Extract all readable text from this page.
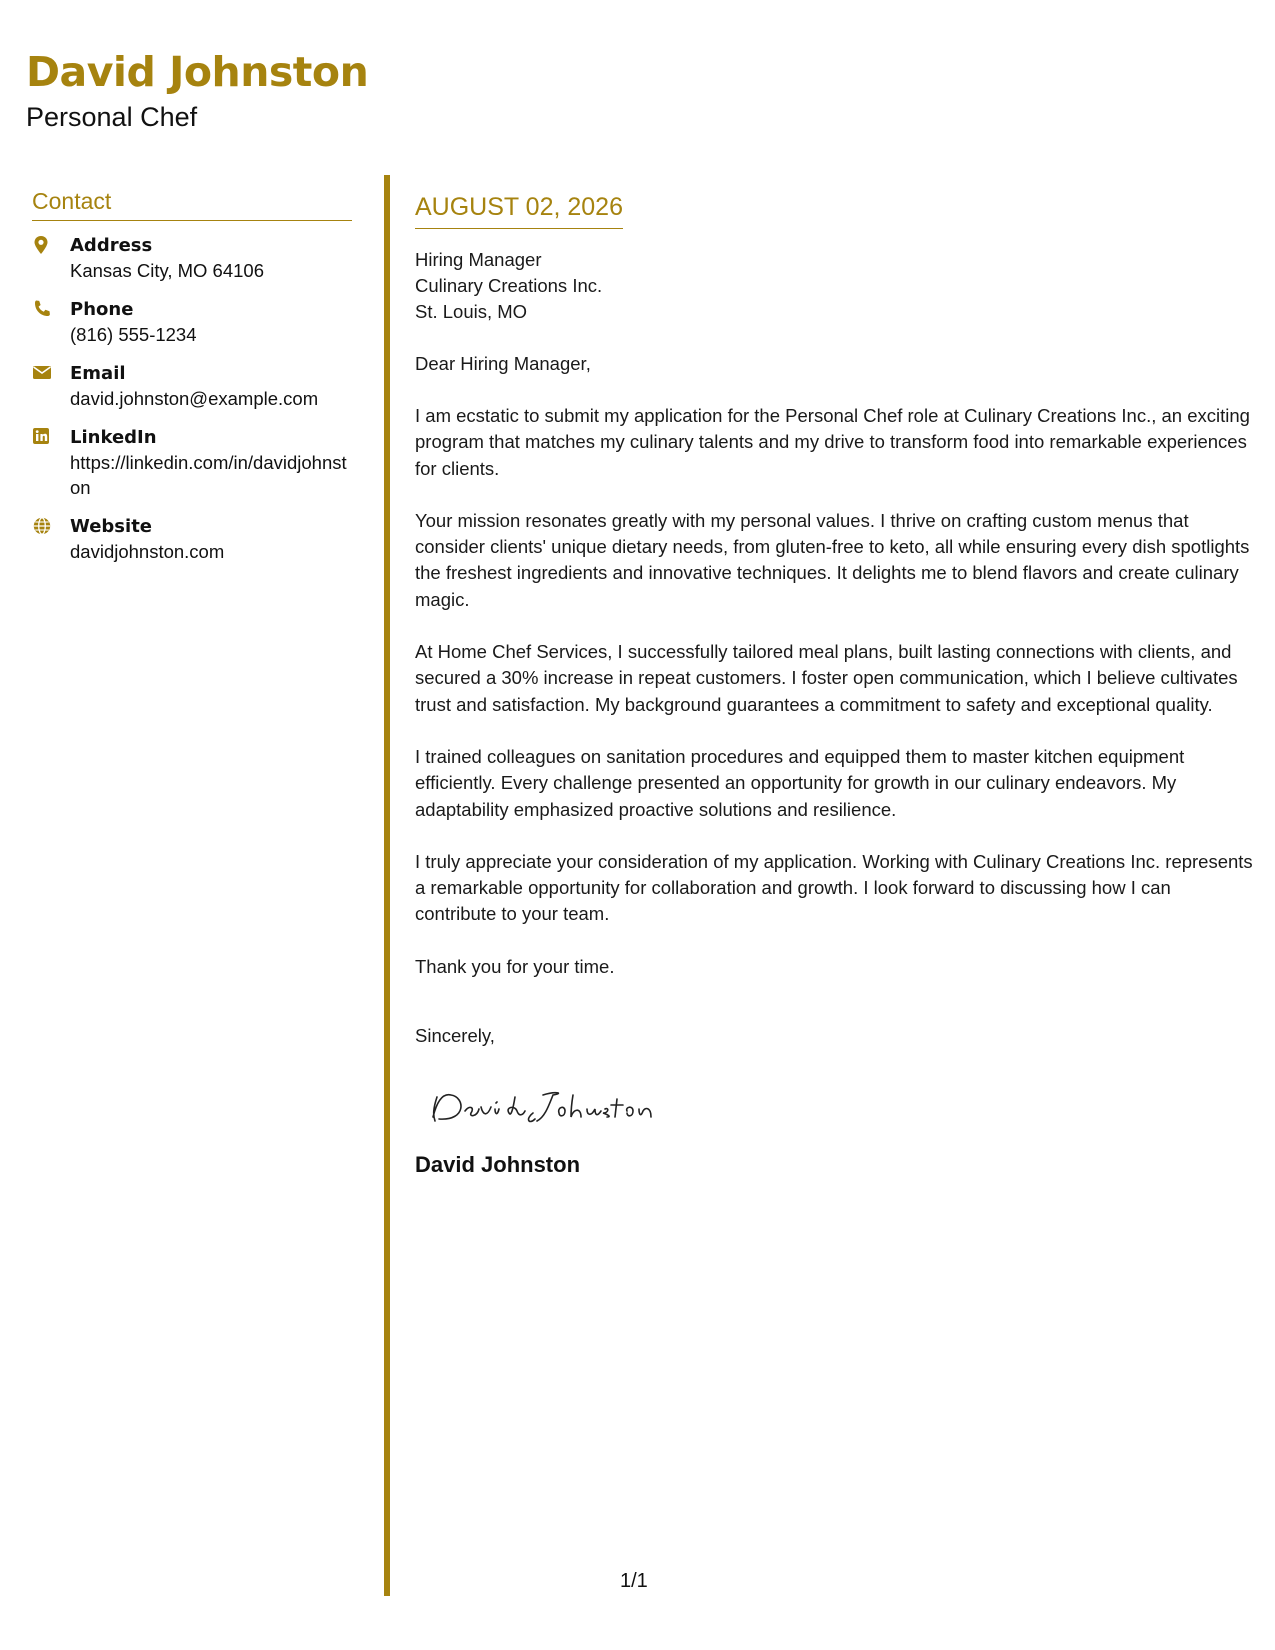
David Johnston
Personal Chef
Contact
Address
Kansas City, MO 64106
Phone
(816) 555-1234
Email
david.johnston@example.com
LinkedIn
https://linkedin.com/in/davidjohnston
Website
davidjohnston.com
AUGUST 02, 2026
Hiring Manager
Culinary Creations Inc.
St. Louis, MO
Dear Hiring Manager,
I am ecstatic to submit my application for the Personal Chef role at Culinary Creations Inc., an exciting program that matches my culinary talents and my drive to transform food into remarkable experiences for clients.
Your mission resonates greatly with my personal values. I thrive on crafting custom menus that consider clients' unique dietary needs, from gluten-free to keto, all while ensuring every dish spotlights the freshest ingredients and innovative techniques. It delights me to blend flavors and create culinary magic.
At Home Chef Services, I successfully tailored meal plans, built lasting connections with clients, and secured a 30% increase in repeat customers. I foster open communication, which I believe cultivates trust and satisfaction. My background guarantees a commitment to safety and exceptional quality.
I trained colleagues on sanitation procedures and equipped them to master kitchen equipment efficiently. Every challenge presented an opportunity for growth in our culinary endeavors. My adaptability emphasized proactive solutions and resilience.
I truly appreciate your consideration of my application. Working with Culinary Creations Inc. represents a remarkable opportunity for collaboration and growth. I look forward to discussing how I can contribute to your team.
Thank you for your time.
Sincerely,
David Johnston
1/1
